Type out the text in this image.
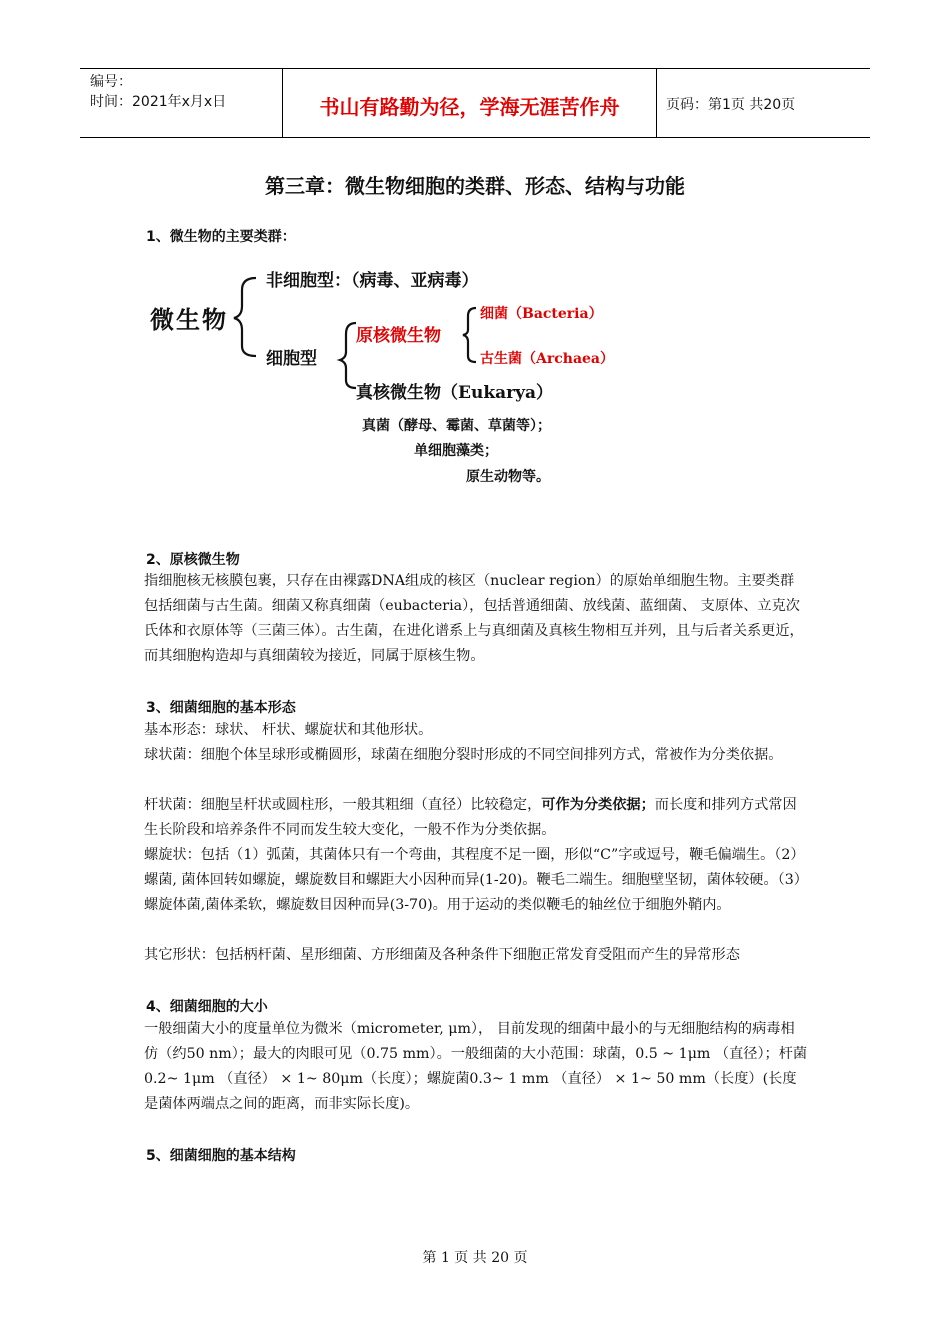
编号：
时间：2021年x月x日	书山有路勤为径，学海无涯苦作舟	页码：第1页 共20页
第三章：微生物细胞的类群、形态、结构与功能
1、微生物的主要类群：
微生物
非细胞型：（病毒、亚病毒）
细胞型
原核微生物
细菌（Bacteria）
古生菌（Archaea）
真核微生物（Eukarya）
真菌（酵母、霉菌、草菌等）；
单细胞藻类；
原生动物等。
2、原核微生物
指细胞核无核膜包裹，只存在由裸露DNA组成的核区（nuclear region）的原始单细胞生物。主要类群包括细菌与古生菌。细菌又称真细菌（eubacteria），包括普通细菌、放线菌、蓝细菌、 支原体、立克次氏体和衣原体等（三菌三体）。古生菌，在进化谱系上与真细菌及真核生物相互并列，且与后者关系更近，而其细胞构造却与真细菌较为接近，同属于原核生物。
3、细菌细胞的基本形态
基本形态：球状、 杆状、螺旋状和其他形状。
球状菌：细胞个体呈球形或椭圆形，球菌在细胞分裂时形成的不同空间排列方式，常被作为分类依据。
杆状菌：细胞呈杆状或圆柱形，一般其粗细（直径）比较稳定，可作为分类依据；而长度和排列方式常因生长阶段和培养条件不同而发生较大变化，一般不作为分类依据。
螺旋状：包括（1）弧菌，其菌体只有一个弯曲，其程度不足一圈，形似“C”字或逗号，鞭毛偏端生。（2）螺菌, 菌体回转如螺旋，螺旋数目和螺距大小因种而异(1-20)。鞭毛二端生。细胞壁坚韧，菌体较硬。（3）螺旋体菌,菌体柔软，螺旋数目因种而异(3-70)。用于运动的类似鞭毛的轴丝位于细胞外鞘内。
其它形状：包括柄杆菌、星形细菌、方形细菌及各种条件下细胞正常发育受阻而产生的异常形态
4、细菌细胞的大小
一般细菌大小的度量单位为微米（micrometer, μm）， 目前发现的细菌中最小的与无细胞结构的病毒相仿（约50 nm）；最大的肉眼可见（0.75 mm）。一般细菌的大小范围：球菌，0.5 ~ 1μm （直径）；杆菌0.2~ 1μm （直径） × 1~ 80μm（长度）；螺旋菌0.3~ 1 mm （直径） × 1~ 50 mm（长度）(长度是菌体两端点之间的距离，而非实际长度)。
5、细菌细胞的基本结构
第 1 页 共 20 页
